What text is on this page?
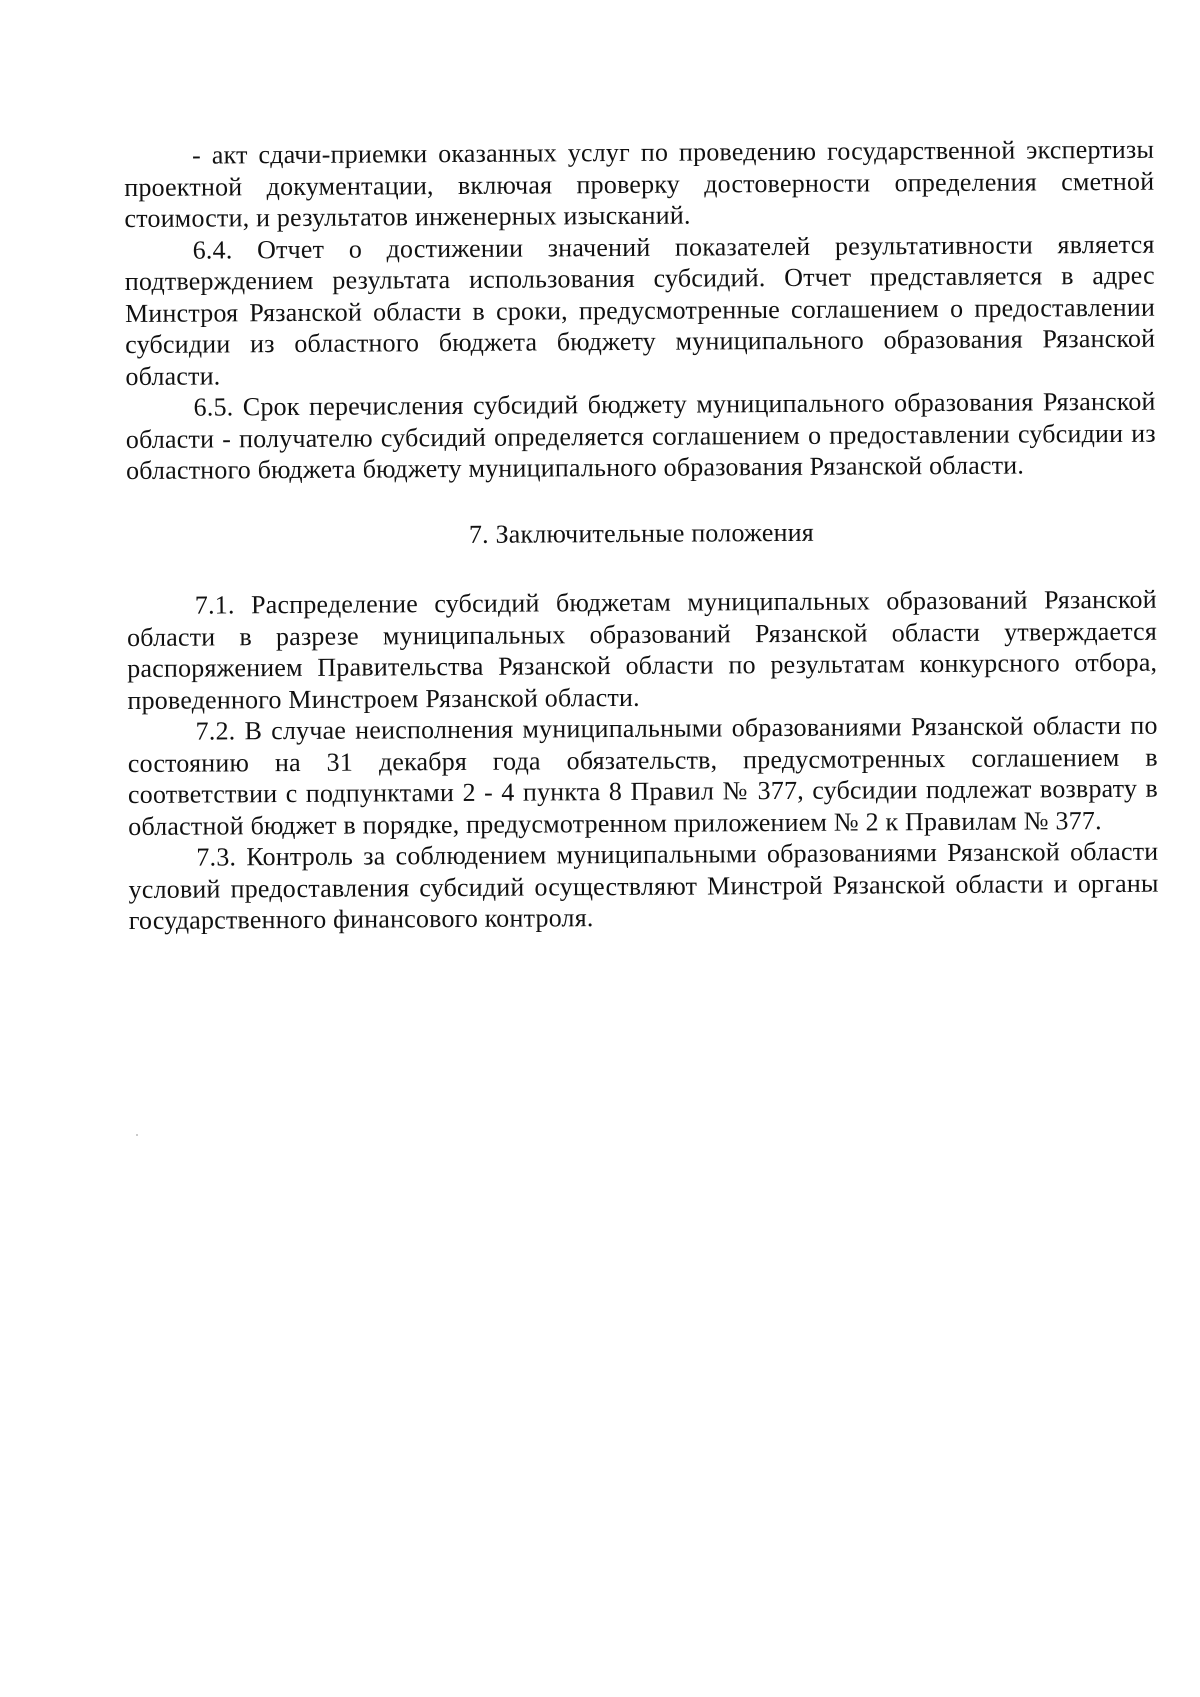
- акт сдачи-приемки оказанных услуг по проведению государственной экспертизы проектной документации, включая проверку достоверности определения сметной стоимости, и результатов инженерных изысканий.

6.4. Отчет о достижении значений показателей результативности является подтверждением результата использования субсидий. Отчет представляется в адрес Минстроя Рязанской области в сроки, предусмотренные соглашением о предоставлении субсидии из областного бюджета бюджету муниципального образования Рязанской области.

6.5. Срок перечисления субсидий бюджету муниципального образования Рязанской области - получателю субсидий определяется соглашением о предоставлении субсидии из областного бюджета бюджету муниципального образования Рязанской области.

7. Заключительные положения

7.1. Распределение субсидий бюджетам муниципальных образований Рязанской области в разрезе муниципальных образований Рязанской области утверждается распоряжением Правительства Рязанской области по результатам конкурсного отбора, проведенного Минстроем Рязанской области.

7.2. В случае неисполнения муниципальными образованиями Рязанской области по состоянию на 31 декабря года обязательств, предусмотренных соглашением в соответствии с подпунктами 2 - 4 пункта 8 Правил № 377, субсидии подлежат возврату в областной бюджет в порядке, предусмотренном приложением № 2 к Правилам № 377.

7.3. Контроль за соблюдением муниципальными образованиями Рязанской области условий предоставления субсидий осуществляют Минстрой Рязанской области и органы государственного финансового контроля.
